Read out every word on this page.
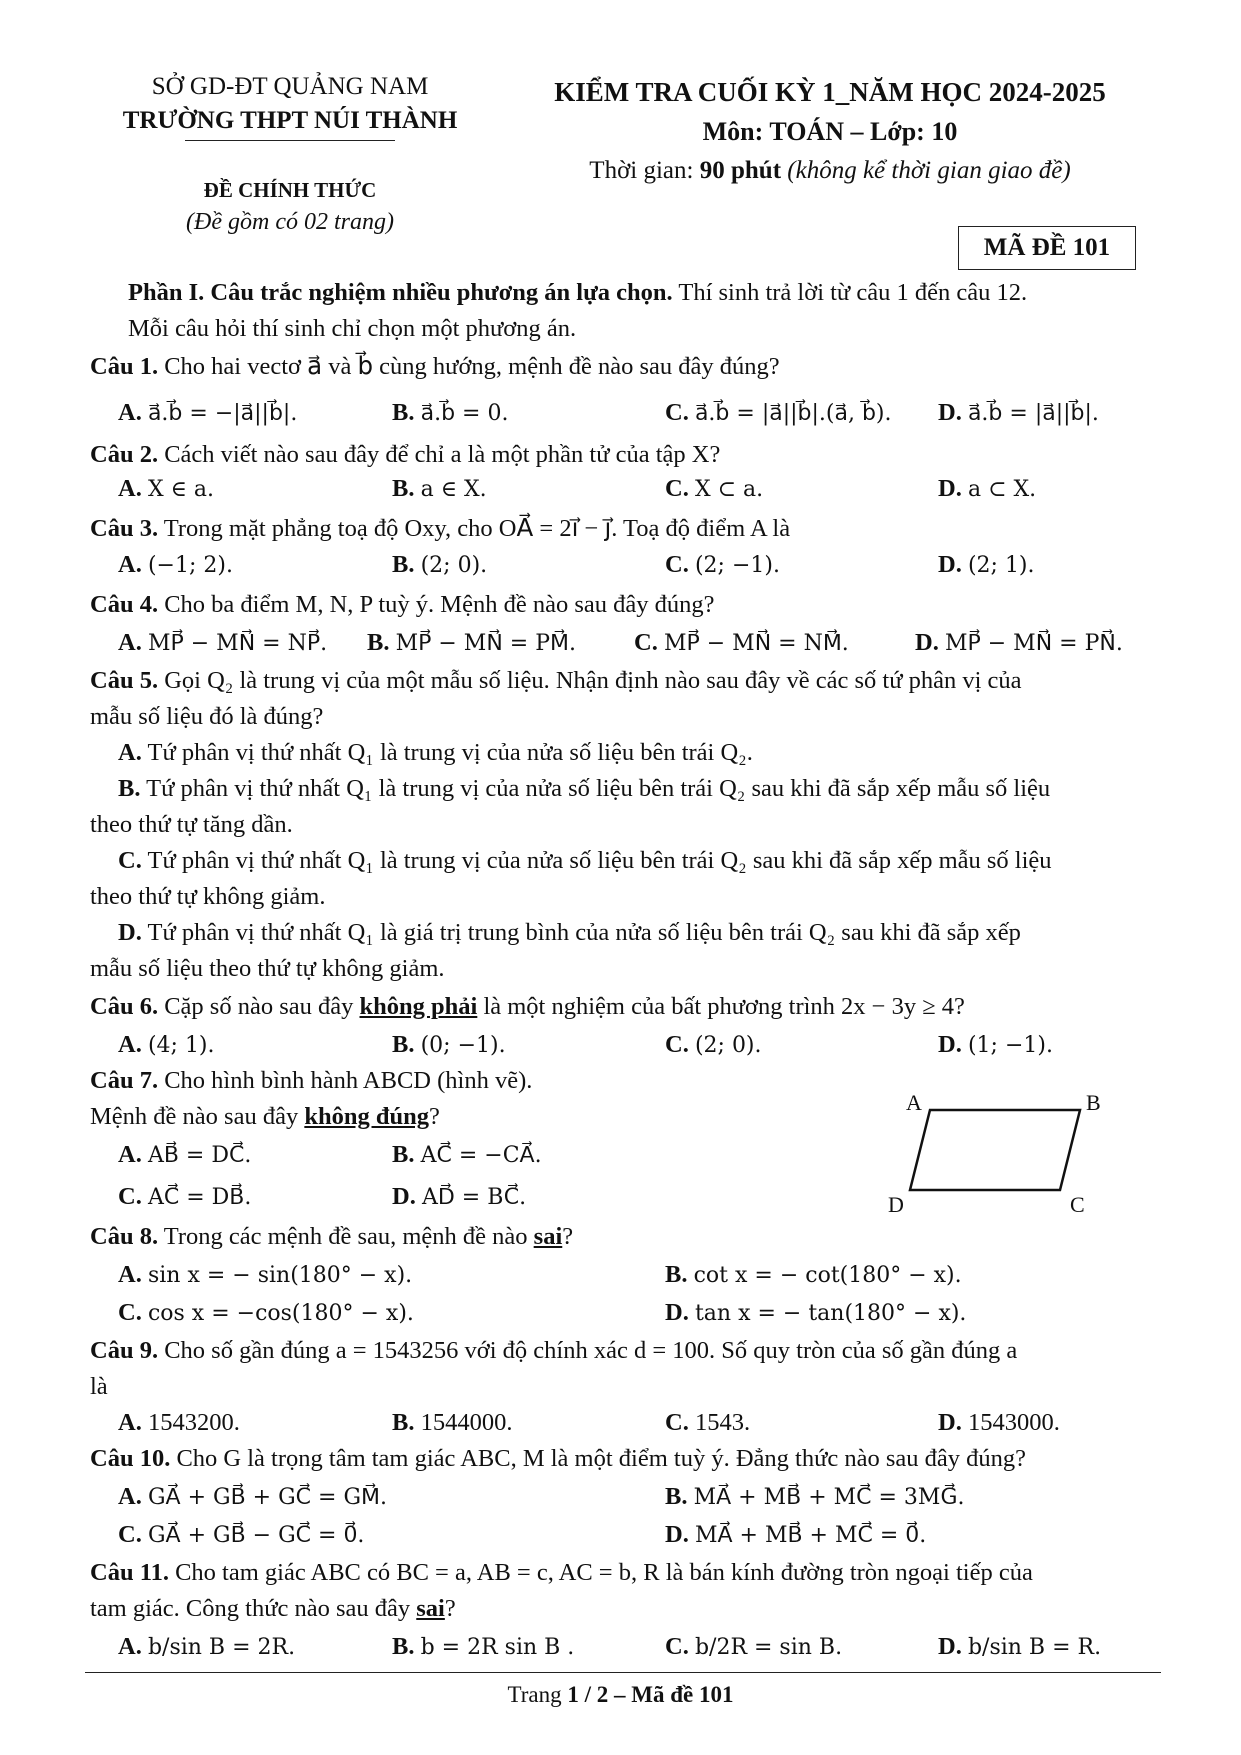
SỞ GD-ĐT QUẢNG NAM
TRƯỜNG THPT NÚI THÀNH
ĐỀ CHÍNH THỨC
(Đề gồm có 02 trang)
KIỂM TRA CUỐI KỲ 1_NĂM HỌC 2024-2025
Môn: TOÁN – Lớp: 10
Thời gian: 90 phút (không kể thời gian giao đề)
MÃ ĐỀ 101
Phần I. Câu trắc nghiệm nhiều phương án lựa chọn. Thí sinh trả lời từ câu 1 đến câu 12.
Mỗi câu hỏi thí sinh chỉ chọn một phương án.
Câu 1. Cho hai vectơ a⃗ và b⃗ cùng hướng, mệnh đề nào sau đây đúng?
A. a⃗.b⃗ = −|a⃗||b⃗|.	B. a⃗.b⃗ = 0.	C. a⃗.b⃗ = |a⃗||b⃗|.(a⃗, b⃗). D. a⃗.b⃗ = |a⃗||b⃗|.
Câu 2. Cách viết nào sau đây để chỉ a là một phần tử của tập X?
A. X ∈ a.	B. a ∈ X.	C. X ⊂ a.	D. a ⊂ X.
Câu 3. Trong mặt phẳng toạ độ Oxy, cho OA⃗ = 2i⃗ − j⃗. Toạ độ điểm A là
A. (−1; 2).	B. (2; 0).	C. (2; −1).	D. (2; 1).
Câu 4. Cho ba điểm M, N, P tuỳ ý. Mệnh đề nào sau đây đúng?
A. MP⃗ − MN⃗ = NP⃗. B. MP⃗ − MN⃗ = PM⃗. C. MP⃗ − MN⃗ = NM⃗.	D. MP⃗ − MN⃗ = PN⃗.
Câu 5. Gọi Q₂ là trung vị của một mẫu số liệu. Nhận định nào sau đây về các số tứ phân vị của
mẫu số liệu đó là đúng?
A. Tứ phân vị thứ nhất Q₁ là trung vị của nửa số liệu bên trái Q₂.
B. Tứ phân vị thứ nhất Q₁ là trung vị của nửa số liệu bên trái Q₂ sau khi đã sắp xếp mẫu số liệu
theo thứ tự tăng dần.
C. Tứ phân vị thứ nhất Q₁ là trung vị của nửa số liệu bên trái Q₂ sau khi đã sắp xếp mẫu số liệu
theo thứ tự không giảm.
D. Tứ phân vị thứ nhất Q₁ là giá trị trung bình của nửa số liệu bên trái Q₂ sau khi đã sắp xếp
mẫu số liệu theo thứ tự không giảm.
Câu 6. Cặp số nào sau đây không phải là một nghiệm của bất phương trình 2x − 3y ≥ 4?
A. (4; 1).	B. (0; −1).	C. (2; 0).	D. (1; −1).
Câu 7. Cho hình bình hành ABCD (hình vẽ).
Mệnh đề nào sau đây không đúng?
A. AB⃗ = DC⃗.	B. AC⃗ = −CA⃗.
C. AC⃗ = DB⃗.	D. AD⃗ = BC⃗.
A	B
C
D
Câu 8. Trong các mệnh đề sau, mệnh đề nào sai?
A. sin x = − sin(180° − x).	B. cot x = − cot(180° − x).
C. cos x = −cos(180° − x).	D. tan x = − tan(180° − x).
Câu 9. Cho số gần đúng a = 1543256 với độ chính xác d = 100. Số quy tròn của số gần đúng a
là
A. 1543200.	B. 1544000.	C. 1543.	D. 1543000.
Câu 10. Cho G là trọng tâm tam giác ABC, M là một điểm tuỳ ý. Đẳng thức nào sau đây đúng?
A. GA⃗ + GB⃗ + GC⃗ = GM⃗.	B. MA⃗ + MB⃗ + MC⃗ = 3MG⃗.
C. GA⃗ + GB⃗ − GC⃗ = 0⃗.	D. MA⃗ + MB⃗ + MC⃗ = 0⃗.
Câu 11. Cho tam giác ABC có BC = a, AB = c, AC = b, R là bán kính đường tròn ngoại tiếp của
tam giác. Công thức nào sau đây sai?
A. b/sin B = 2R.	B. b = 2R sin B .	C. b/2R = sin B.	D. b/sin B = R.
Trang 1 / 2 – Mã đề 101
